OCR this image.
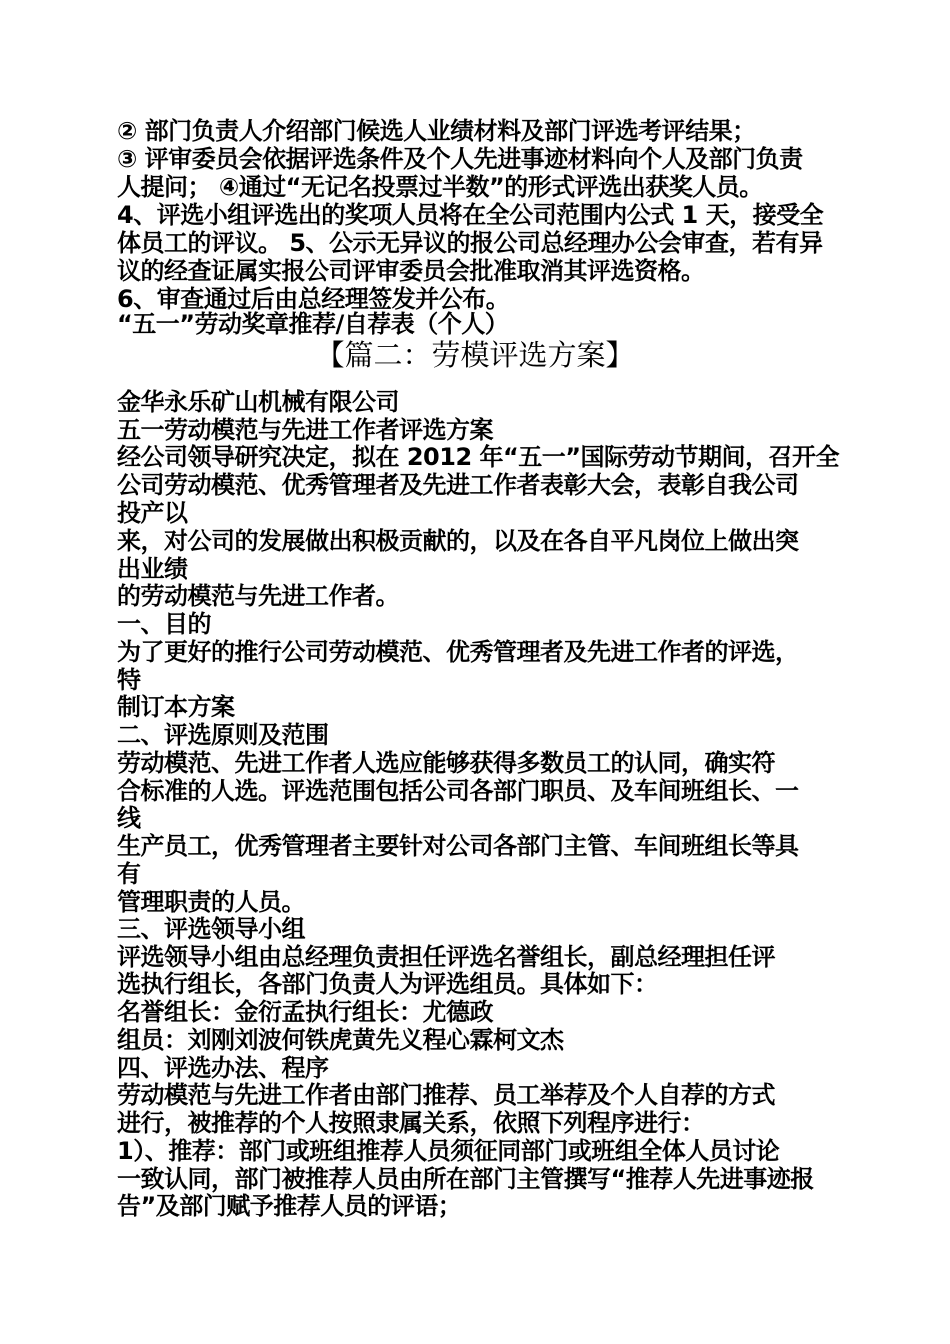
② 部门负责人介绍部门候选人业绩材料及部门评选考评结果；
③ 评审委员会依据评选条件及个人先进事迹材料向个人及部门负责
人提问； ④通过“无记名投票过半数”的形式评选出获奖人员。
4、评选小组评选出的奖项人员将在全公司范围内公式 1 天，接受全
体员工的评议。 5、公示无异议的报公司总经理办公会审查，若有异
议的经查证属实报公司评审委员会批准取消其评选资格。
6、审查通过后由总经理签发并公布。
“五一”劳动奖章推荐/自荐表（个人）
【篇二：劳模评选方案】
金华永乐矿山机械有限公司
五一劳动模范与先进工作者评选方案
经公司领导研究决定，拟在 2012 年“五一”国际劳动节期间，召开全
公司劳动模范、优秀管理者及先进工作者表彰大会，表彰自我公司
投产以
来，对公司的发展做出积极贡献的，以及在各自平凡岗位上做出突
出业绩
的劳动模范与先进工作者。
一、目的
为了更好的推行公司劳动模范、优秀管理者及先进工作者的评选，
特
制订本方案
二、评选原则及范围
劳动模范、先进工作者人选应能够获得多数员工的认同，确实符
合标准的人选。评选范围包括公司各部门职员、及车间班组长、一
线
生产员工，优秀管理者主要针对公司各部门主管、车间班组长等具
有
管理职责的人员。
三、评选领导小组
评选领导小组由总经理负责担任评选名誉组长，副总经理担任评
选执行组长，各部门负责人为评选组员。具体如下：
名誉组长：金衍孟执行组长：尤德政
组员：刘刚刘波何铁虎黄先义程心霖柯文杰
四、评选办法、程序
劳动模范与先进工作者由部门推荐、员工举荐及个人自荐的方式
进行，被推荐的个人按照隶属关系，依照下列程序进行：
1）、推荐：部门或班组推荐人员须征同部门或班组全体人员讨论
一致认同，部门被推荐人员由所在部门主管撰写“推荐人先进事迹报
告”及部门赋予推荐人员的评语；
